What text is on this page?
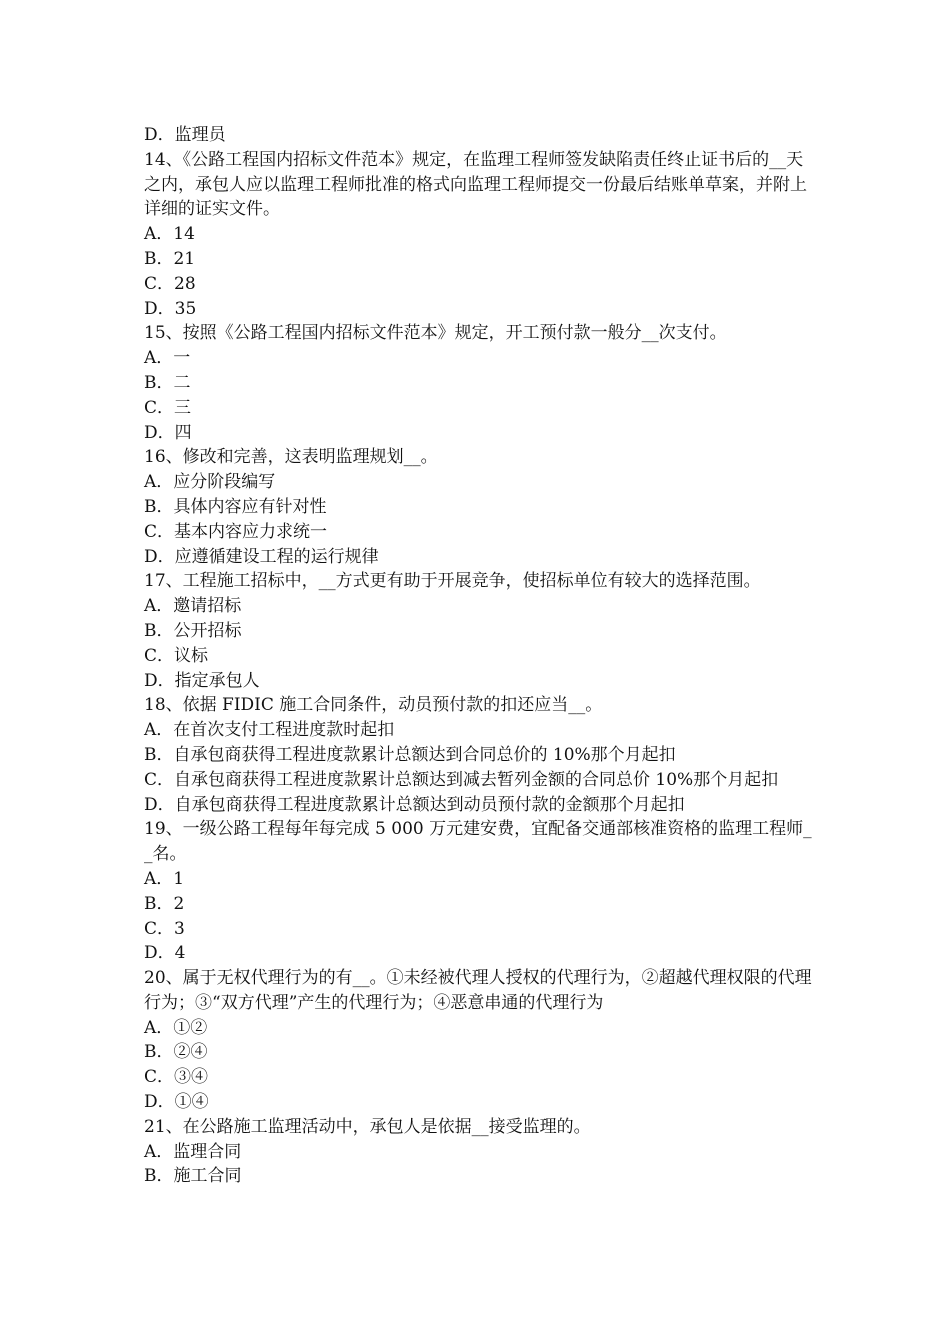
D．监理员

14、《公路工程国内招标文件范本》规定，在监理工程师签发缺陷责任终止证书后的__天之内，承包人应以监理工程师批准的格式向监理工程师提交一份最后结账单草案，并附上详细的证实文件。

A．14

B．21

C．28

D．35

15、按照《公路工程国内招标文件范本》规定，开工预付款一般分__次支付。

A．一

B．二

C．三

D．四

16、修改和完善，这表明监理规划__。

A．应分阶段编写

B．具体内容应有针对性

C．基本内容应力求统一

D．应遵循建设工程的运行规律

17、工程施工招标中，__方式更有助于开展竞争，使招标单位有较大的选择范围。

A．邀请招标

B．公开招标

C．议标

D．指定承包人

18、依据 FIDIC 施工合同条件，动员预付款的扣还应当__。

A．在首次支付工程进度款时起扣

B．自承包商获得工程进度款累计总额达到合同总价的 10%那个月起扣

C．自承包商获得工程进度款累计总额达到减去暂列金额的合同总价 10%那个月起扣

D．自承包商获得工程进度款累计总额达到动员预付款的金额那个月起扣

19、一级公路工程每年每完成 5 000 万元建安费，宜配备交通部核准资格的监理工程师__名。

A．1

B．2

C．3

D．4

20、属于无权代理行为的有__。①未经被代理人授权的代理行为，②超越代理权限的代理行为；③“双方代理”产生的代理行为；④恶意串通的代理行为

A．①②

B．②④

C．③④

D．①④

21、在公路施工监理活动中，承包人是依据__接受监理的。

A．监理合同

B．施工合同
